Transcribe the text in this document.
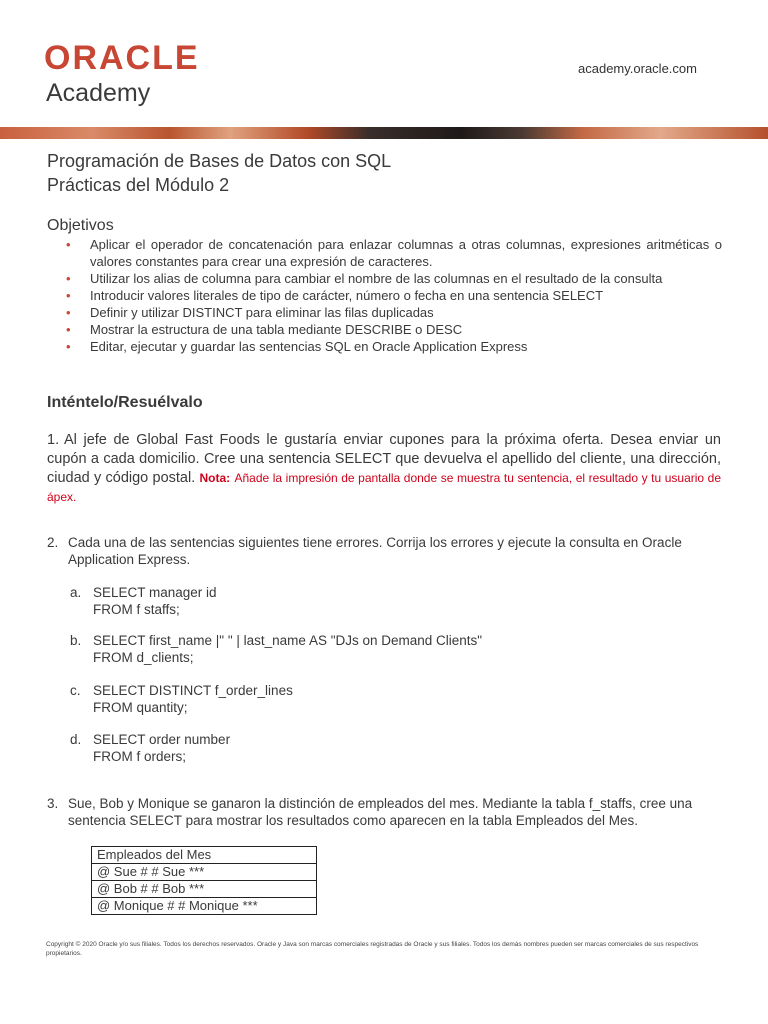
ORACLE
Academy
academy.oracle.com
Programación de Bases de Datos con SQL
Prácticas del Módulo 2
Objetivos
• Aplicar el operador de concatenación para enlazar columnas a otras columnas, expresiones aritméticas o valores constantes para crear una expresión de caracteres.
• Utilizar los alias de columna para cambiar el nombre de las columnas en el resultado de la consulta
• Introducir valores literales de tipo de carácter, número o fecha en una sentencia SELECT
• Definir y utilizar DISTINCT para eliminar las filas duplicadas
• Mostrar la estructura de una tabla mediante DESCRIBE o DESC
• Editar, ejecutar y guardar las sentencias SQL en Oracle Application Express
Inténtelo/Resuélvalo
1. Al jefe de Global Fast Foods le gustaría enviar cupones para la próxima oferta. Desea enviar un cupón a cada domicilio. Cree una sentencia SELECT que devuelva el apellido del cliente, una dirección, ciudad y código postal. Nota: Añade la impresión de pantalla donde se muestra tu sentencia, el resultado y tu usuario de ápex.
2. Cada una de las sentencias siguientes tiene errores. Corrija los errores y ejecute la consulta en Oracle
Application Express.
a. SELECT manager id
FROM f staffs;
b. SELECT first_name |" " | last_name AS "DJs on Demand Clients"
FROM d_clients;
c. SELECT DISTINCT f_order_lines
FROM quantity;
d. SELECT order number
FROM f orders;
3. Sue, Bob y Monique se ganaron la distinción de empleados del mes. Mediante la tabla f_staffs, cree una
sentencia SELECT para mostrar los resultados como aparecen en la tabla Empleados del Mes.
Empleados del Mes
@ Sue # # Sue ***
@ Bob # # Bob ***
@ Monique # # Monique ***
Copyright © 2020 Oracle y/o sus filiales. Todos los derechos reservados. Oracle y Java son marcas comerciales registradas de Oracle y sus filiales. Todos los demás nombres pueden ser marcas comerciales de sus respectivos propietarios.
